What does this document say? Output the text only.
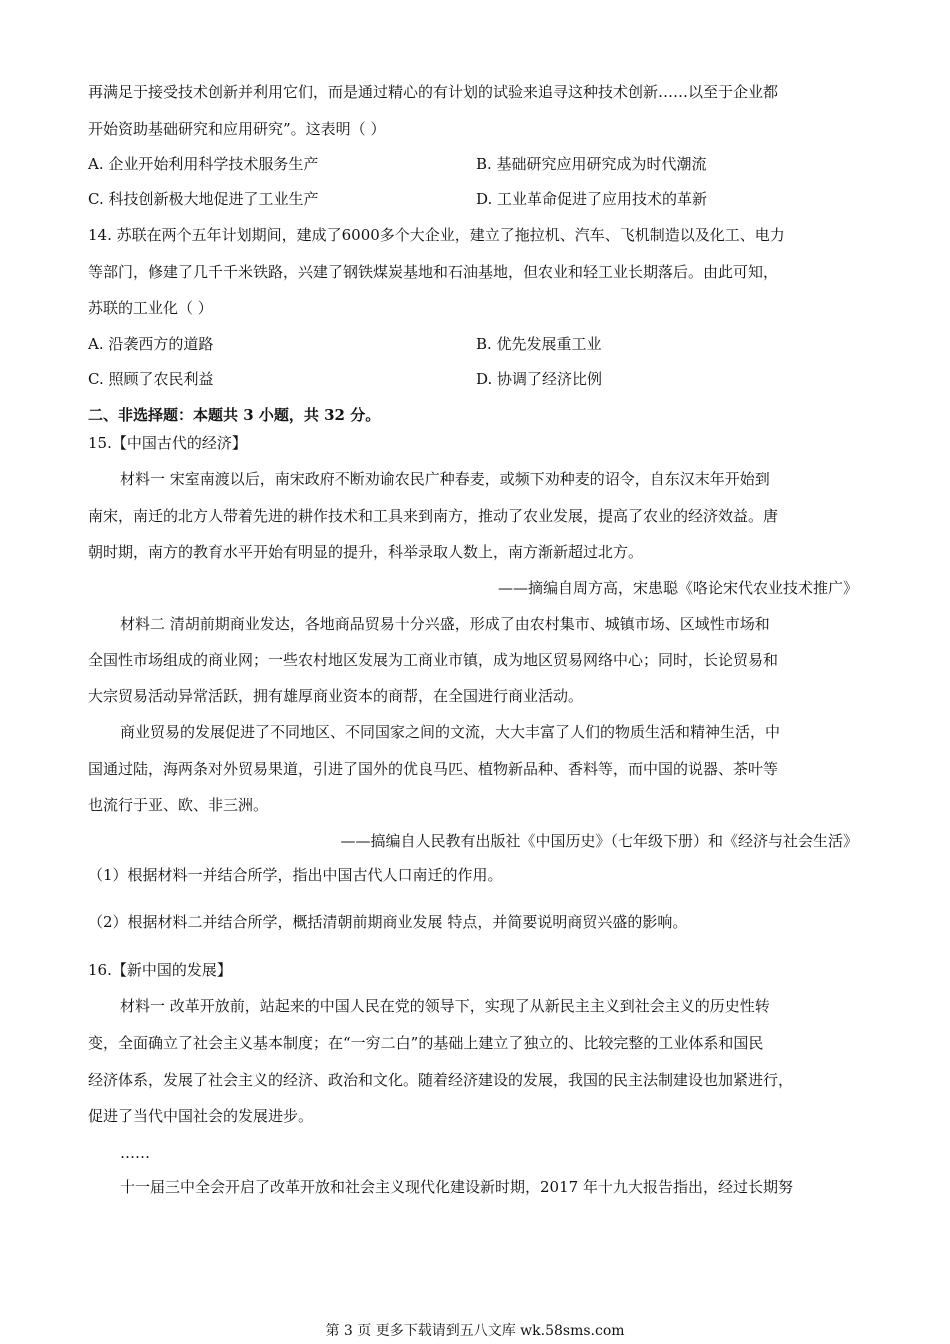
再满足于接受技术创新并利用它们，而是通过精心的有计划的试验来追寻这种技术创新……以至于企业都
开始资助基础研究和应用研究”。这表明（ ）
A. 企业开始利用科学技术服务生产	B. 基础研究应用研究成为时代潮流
C. 科技创新极大地促进了工业生产	D. 工业革命促进了应用技术的革新
14. 苏联在两个五年计划期间，建成了6000多个大企业，建立了拖拉机、汽车、飞机制造以及化工、电力
等部门，修建了几千千米铁路，兴建了钢铁煤炭基地和石油基地，但农业和轻工业长期落后。由此可知，
苏联的工业化（ ）
A. 沿袭西方的道路	B. 优先发展重工业
C. 照顾了农民利益	D. 协调了经济比例
二、非选择题：本题共 3 小题，共 32 分。
15.【中国古代的经济】
材料一 宋室南渡以后，南宋政府不断劝谕农民广种春麦，或频下劝种麦的诏令，自东汉末年开始到
南宋，南迁的北方人带着先进的耕作技术和工具来到南方，推动了农业发展，提高了农业的经济效益。唐
朝时期，南方的教育水平开始有明显的提升，科举录取人数上，南方渐新超过北方。
——摘编自周方高，宋患聪《咯论宋代农业技术推广》
材料二 清胡前期商业发达，各地商品贸易十分兴盛，形成了由农村集市、城镇市场、区域性市场和
全国性市场组成的商业网；一些农村地区发展为工商业市镇，成为地区贸易网络中心；同时，长论贸易和
大宗贸易活动异常活跃，拥有雄厚商业资本的商帮，在全国进行商业活动。
商业贸易的发展促进了不同地区、不同国家之间的文流，大大丰富了人们的物质生活和精神生活，中
国通过陆，海两条对外贸易果道，引进了国外的优良马匹、植物新品种、香料等，而中国的说器、茶叶等
也流行于亚、欧、非三洲。
——搞编自人民教有出版社《中国历史》（七年级下册）和《经济与社会生活》
（1）根据材料一并结合所学，指出中国古代人口南迁的作用。
（2）根据材料二并结合所学，概括清朝前期商业发展 特点，并简要说明商贸兴盛的影响。
16.【新中国的发展】
材料一 改革开放前，站起来的中国人民在党的领导下，实现了从新民主主义到社会主义的历史性转
变，全面确立了社会主义基本制度；在“一穷二白”的基础上建立了独立的、比较完整的工业体系和国民
经济体系，发展了社会主义的经济、政治和文化。随着经济建设的发展，我国的民主法制建设也加紧进行，
促进了当代中国社会的发展进步。
……
十一届三中全会开启了改革开放和社会主义现代化建设新时期，2017 年十九大报告指出，经过长期努
第 3 页 更多下载请到五八文库 wk.58sms.com
